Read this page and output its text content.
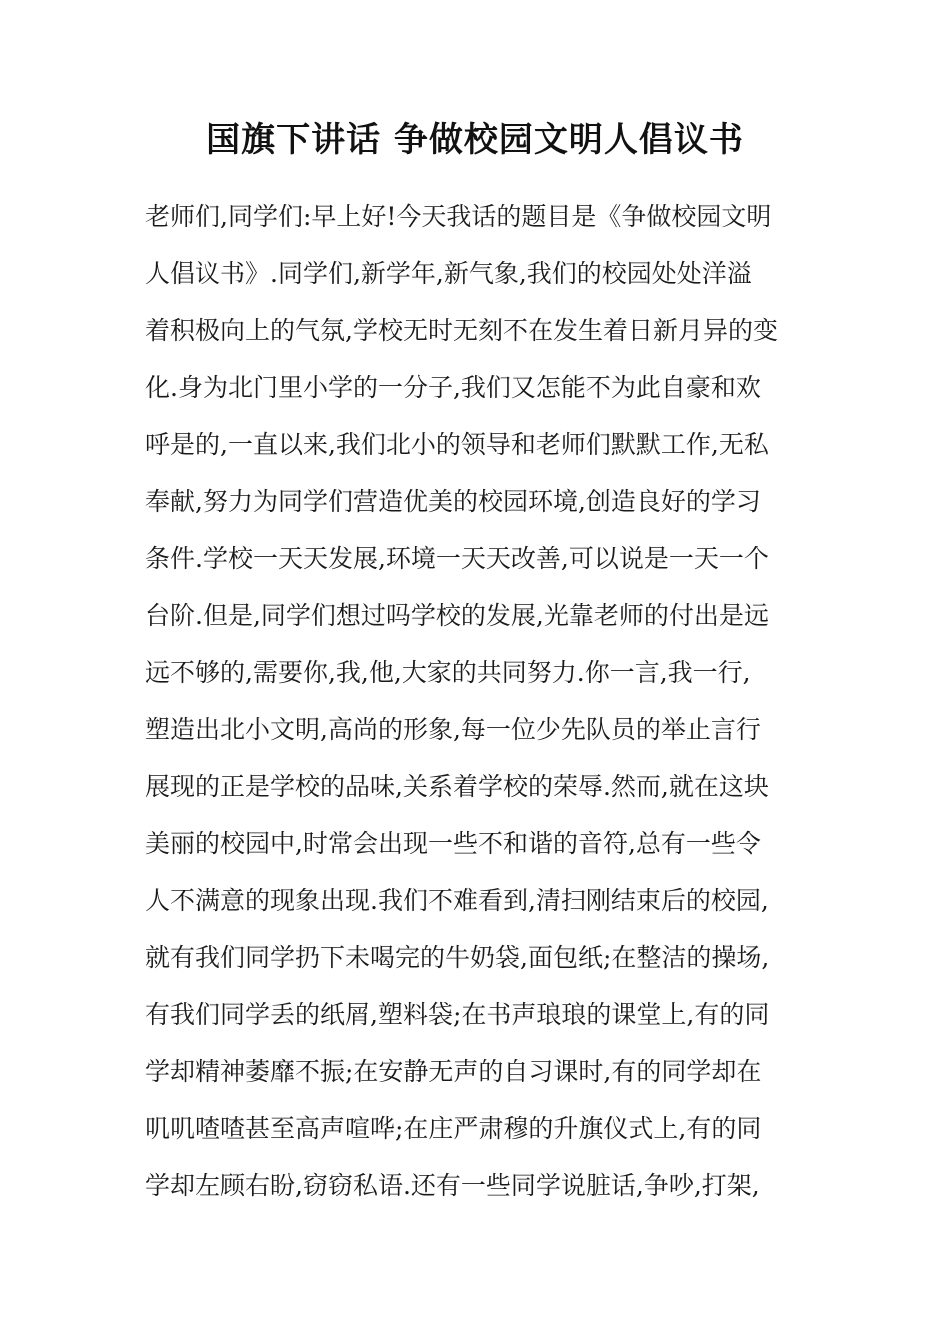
国旗下讲话 争做校园文明人倡议书
老师们,同学们:早上好!今天我话的题目是《争做校园文明
人倡议书》.同学们,新学年,新气象,我们的校园处处洋溢
着积极向上的气氛,学校无时无刻不在发生着日新月异的变
化.身为北门里小学的一分子,我们又怎能不为此自豪和欢
呼是的,一直以来,我们北小的领导和老师们默默工作,无私
奉献,努力为同学们营造优美的校园环境,创造良好的学习
条件.学校一天天发展,环境一天天改善,可以说是一天一个
台阶.但是,同学们想过吗学校的发展,光靠老师的付出是远
远不够的,需要你,我,他,大家的共同努力.你一言,我一行,
塑造出北小文明,高尚的形象,每一位少先队员的举止言行
展现的正是学校的品味,关系着学校的荣辱.然而,就在这块
美丽的校园中,时常会出现一些不和谐的音符,总有一些令
人不满意的现象出现.我们不难看到,清扫刚结束后的校园,
就有我们同学扔下未喝完的牛奶袋,面包纸;在整洁的操场,
有我们同学丢的纸屑,塑料袋;在书声琅琅的课堂上,有的同
学却精神萎靡不振;在安静无声的自习课时,有的同学却在
叽叽喳喳甚至高声喧哗;在庄严肃穆的升旗仪式上,有的同
学却左顾右盼,窃窃私语.还有一些同学说脏话,争吵,打架,
